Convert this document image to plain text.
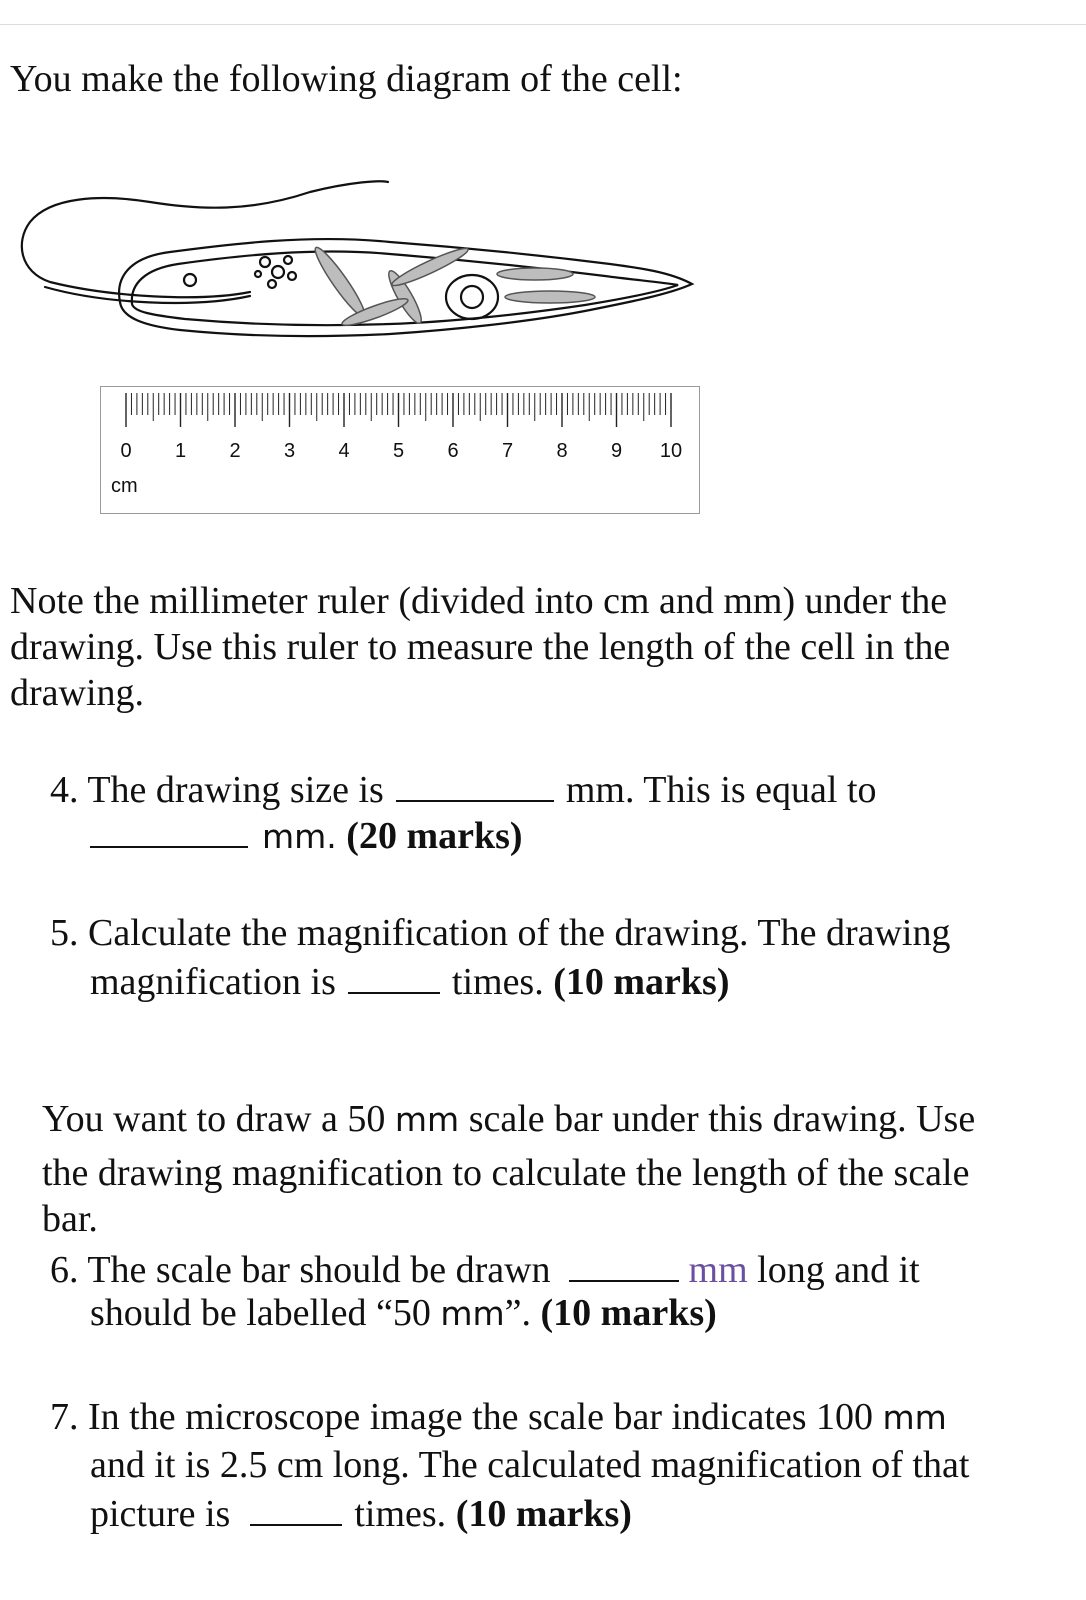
You make the following diagram of the cell:

0 1 2 3 4 5 6 7 8 9 10
cm

Note the millimeter ruler (divided into cm and mm) under the

drawing. Use this ruler to measure the length of the cell in the

drawing.

4. The drawing size is	mm. This is equal to

mm. (20 marks)

5. Calculate the magnification of the drawing. The drawing

magnification is	times. (10 marks)

You want to draw a 50 mm scale bar under this drawing. Use

the drawing magnification to calculate the length of the scale

bar.

6. The scale bar should be drawn	mm long and it

should be labelled “50 mm”. (10 marks)

7. In the microscope image the scale bar indicates 100 mm

and it is 2.5 cm long. The calculated magnification of that

picture is	times. (10 marks)
